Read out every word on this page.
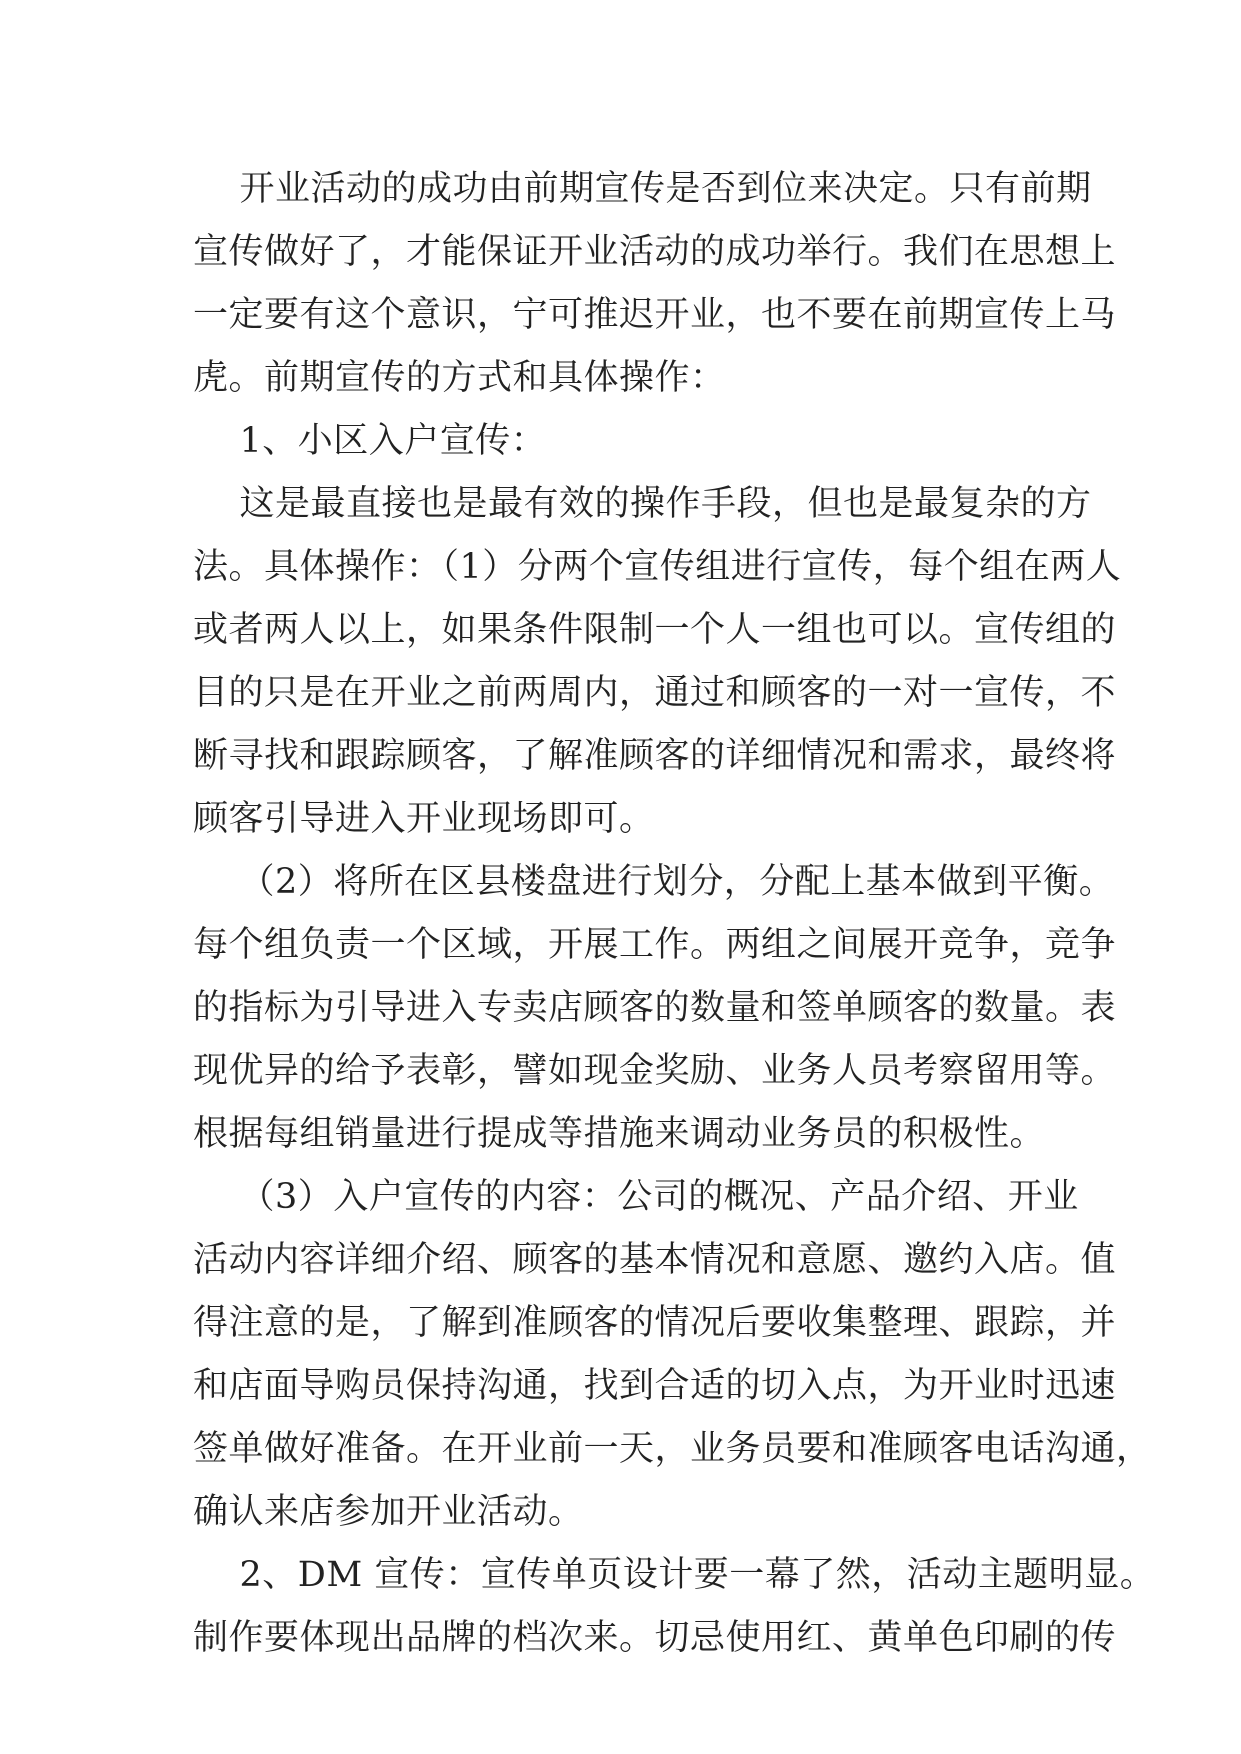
开业活动的成功由前期宣传是否到位来决定。只有前期
宣传做好了，才能保证开业活动的成功举行。我们在思想上
一定要有这个意识，宁可推迟开业，也不要在前期宣传上马
虎。前期宣传的方式和具体操作：
1、小区入户宣传：
这是最直接也是最有效的操作手段，但也是最复杂的方
法。具体操作：（1）分两个宣传组进行宣传，每个组在两人
或者两人以上，如果条件限制一个人一组也可以。宣传组的
目的只是在开业之前两周内，通过和顾客的一对一宣传，不
断寻找和跟踪顾客，了解准顾客的详细情况和需求，最终将
顾客引导进入开业现场即可。
（2）将所在区县楼盘进行划分，分配上基本做到平衡。
每个组负责一个区域，开展工作。两组之间展开竞争，竞争
的指标为引导进入专卖店顾客的数量和签单顾客的数量。表
现优异的给予表彰，譬如现金奖励、业务人员考察留用等。
根据每组销量进行提成等措施来调动业务员的积极性。
（3）入户宣传的内容：公司的概况、产品介绍、开业
活动内容详细介绍、顾客的基本情况和意愿、邀约入店。值
得注意的是，了解到准顾客的情况后要收集整理、跟踪，并
和店面导购员保持沟通，找到合适的切入点，为开业时迅速
签单做好准备。在开业前一天，业务员要和准顾客电话沟通，
确认来店参加开业活动。
2、DM 宣传：宣传单页设计要一幕了然，活动主题明显。
制作要体现出品牌的档次来。切忌使用红、黄单色印刷的传
